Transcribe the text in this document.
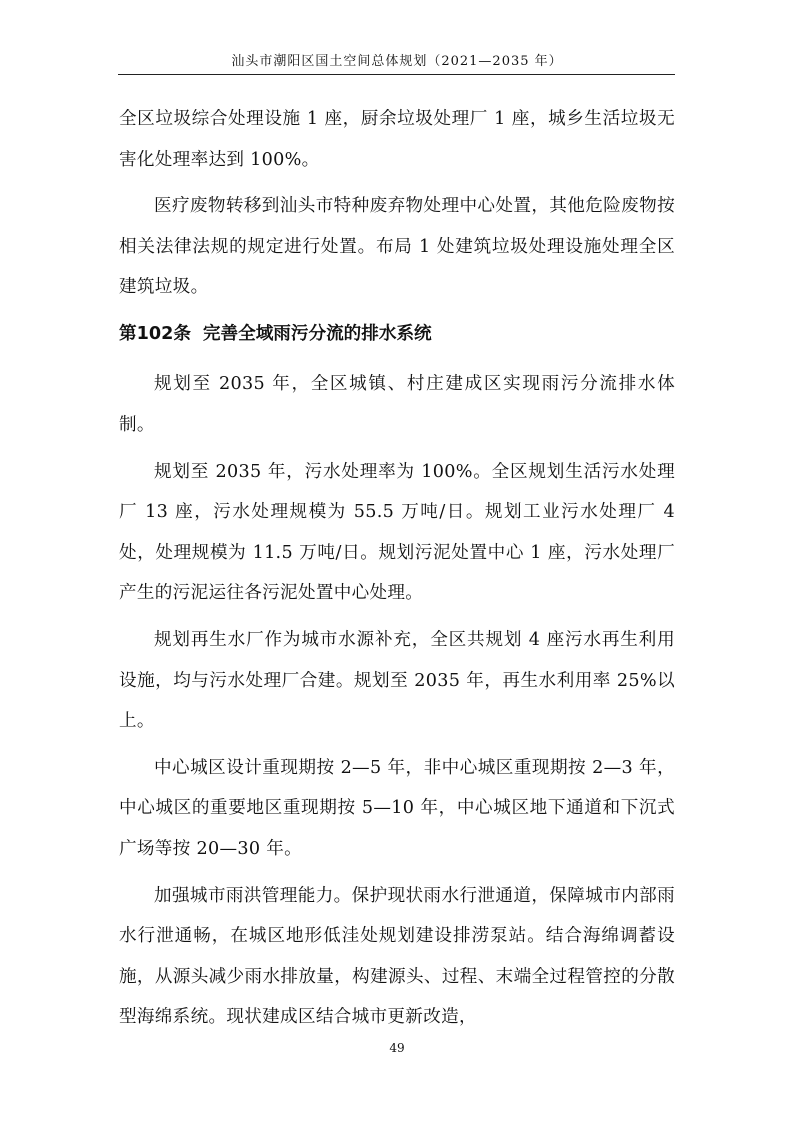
汕头市潮阳区国土空间总体规划（2021—2035 年）

全区垃圾综合处理设施 1 座，厨余垃圾处理厂 1 座，城乡生活垃圾无害化处理率达到 100%。

医疗废物转移到汕头市特种废弃物处理中心处置，其他危险废物按相关法律法规的规定进行处置。布局 1 处建筑垃圾处理设施处理全区建筑垃圾。

第102条 完善全域雨污分流的排水系统

规划至 2035 年，全区城镇、村庄建成区实现雨污分流排水体制。

规划至 2035 年，污水处理率为 100%。全区规划生活污水处理厂 13 座，污水处理规模为 55.5 万吨/日。规划工业污水处理厂 4 处，处理规模为 11.5 万吨/日。规划污泥处置中心 1 座，污水处理厂产生的污泥运往各污泥处置中心处理。

规划再生水厂作为城市水源补充，全区共规划 4 座污水再生利用设施，均与污水处理厂合建。规划至 2035 年，再生水利用率 25%以上。

中心城区设计重现期按 2—5 年，非中心城区重现期按 2—3 年，中心城区的重要地区重现期按 5—10 年，中心城区地下通道和下沉式广场等按 20—30 年。

加强城市雨洪管理能力。保护现状雨水行泄通道，保障城市内部雨水行泄通畅，在城区地形低洼处规划建设排涝泵站。结合海绵调蓄设施，从源头减少雨水排放量，构建源头、过程、末端全过程管控的分散型海绵系统。现状建成区结合城市更新改造，

49
